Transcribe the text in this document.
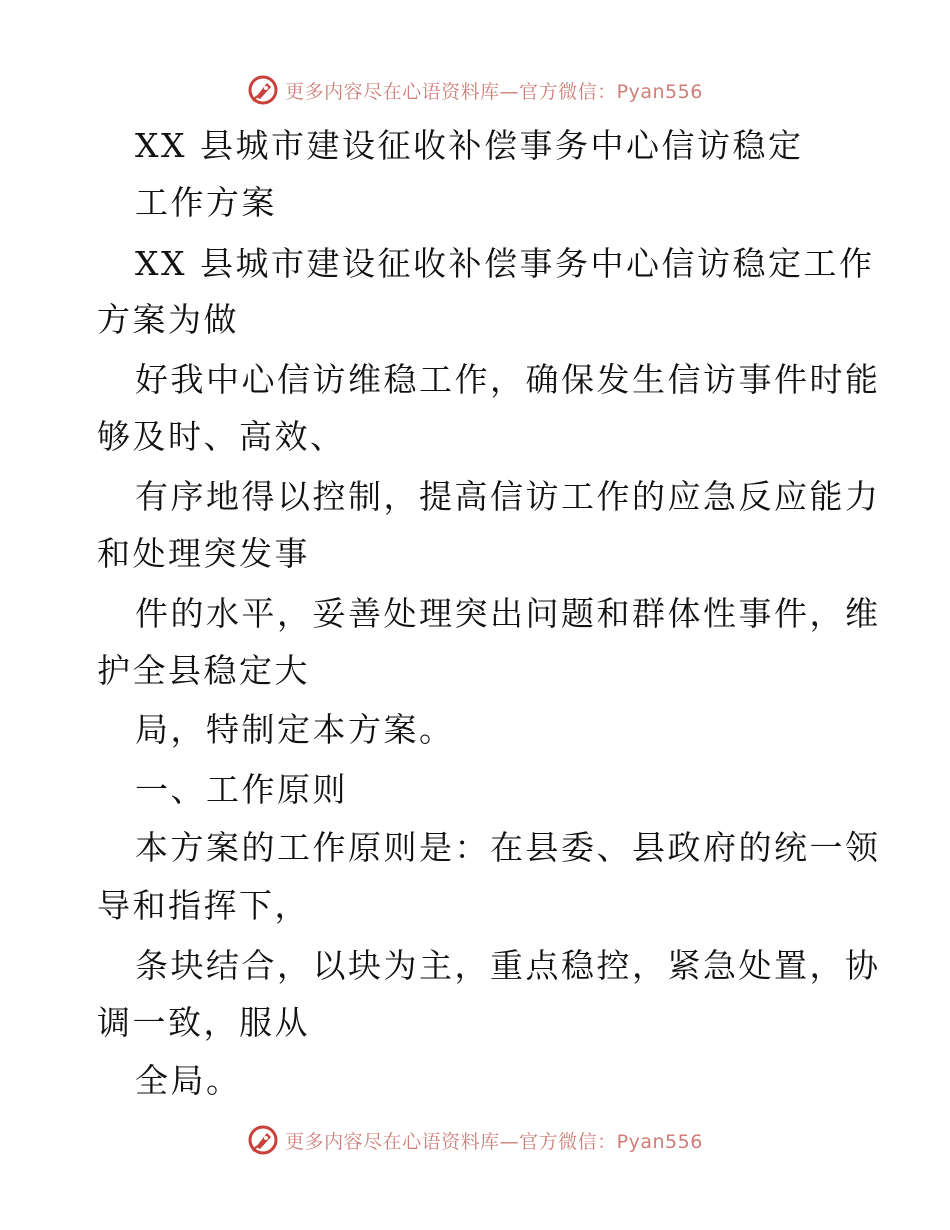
更多内容尽在心语资料库—官方微信：Pyan556
XX 县城市建设征收补偿事务中心信访稳定
工作方案
XX 县城市建设征收补偿事务中心信访稳定工作
方案为做
好我中心信访维稳工作，确保发生信访事件时能
够及时、高效、
有序地得以控制，提高信访工作的应急反应能力
和处理突发事
件的水平，妥善处理突出问题和群体性事件，维
护全县稳定大
局，特制定本方案。
一、工作原则
本方案的工作原则是：在县委、县政府的统一领
导和指挥下，
条块结合，以块为主，重点稳控，紧急处置，协
调一致，服从
全局。
更多内容尽在心语资料库—官方微信：Pyan556
